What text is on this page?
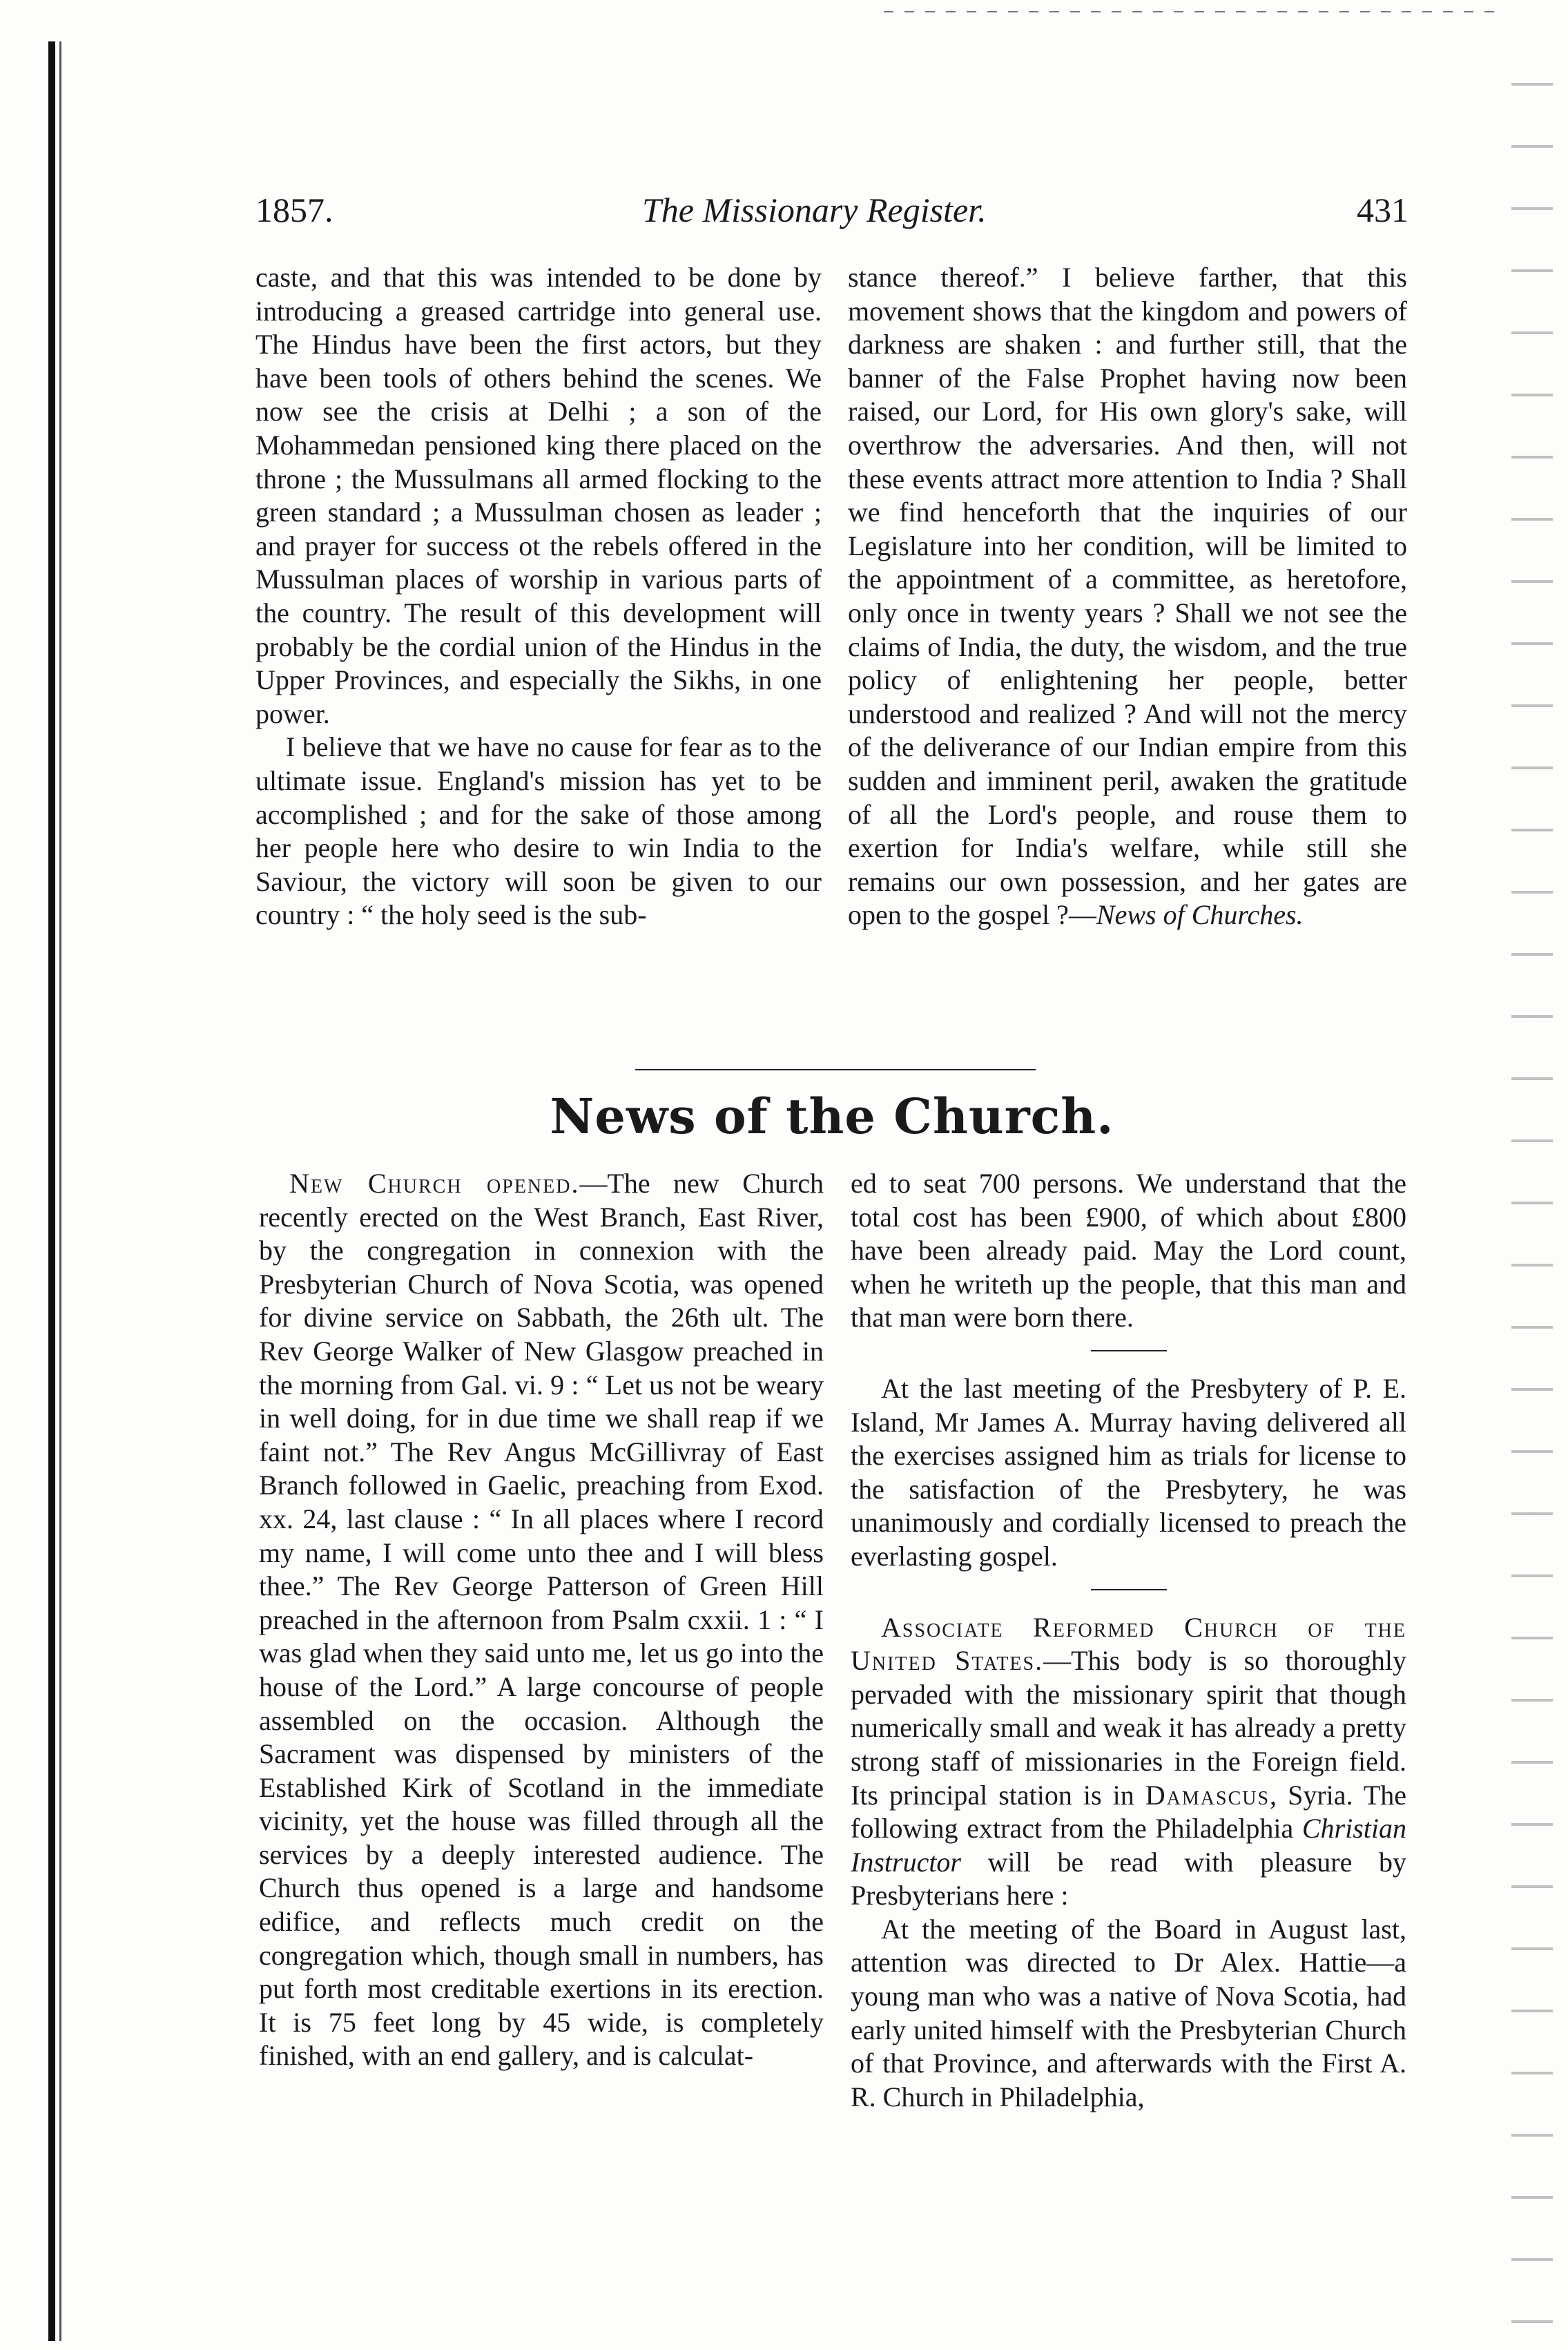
1857.	The Missionary Register.	431

caste, and that this was intended to be done by introducing a greased cartridge into general use. The Hindus have been the first actors, but they have been tools of others behind the scenes. We now see the crisis at Delhi ; a son of the Mohammedan pensioned king there placed on the throne ; the Mussulmans all armed flocking to the green standard ; a Mussulman chosen as leader ; and prayer for success ot the rebels offered in the Mussulman places of worship in various parts of the country. The result of this development will probably be the cordial union of the Hindus in the Upper Provinces, and especially the Sikhs, in one power.

I believe that we have no cause for fear as to the ultimate issue. England's mission has yet to be accomplished ; and for the sake of those among her people here who desire to win India to the Saviour, the victory will soon be given to our country : “ the holy seed is the sub-

stance thereof.” I believe farther, that this movement shows that the kingdom and powers of darkness are shaken : and further still, that the banner of the False Prophet having now been raised, our Lord, for His own glory's sake, will overthrow the adversaries. And then, will not these events attract more attention to India ? Shall we find henceforth that the inquiries of our Legislature into her condition, will be limited to the appointment of a committee, as heretofore, only once in twenty years ? Shall we not see the claims of India, the duty, the wisdom, and the true policy of enlightening her people, better understood and realized ? And will not the mercy of the deliverance of our Indian empire from this sudden and imminent peril, awaken the gratitude of all the Lord's people, and rouse them to exertion for India's welfare, while still she remains our own possession, and her gates are open to the gospel ?—News of Churches.

News of the Church.

New Church opened.—The new Church recently erected on the West Branch, East River, by the congregation in connexion with the Presbyterian Church of Nova Scotia, was opened for divine service on Sabbath, the 26th ult. The Rev George Walker of New Glasgow preached in the morning from Gal. vi. 9 : “ Let us not be weary in well doing, for in due time we shall reap if we faint not.” The Rev Angus McGillivray of East Branch followed in Gaelic, preaching from Exod. xx. 24, last clause : “ In all places where I record my name, I will come unto thee and I will bless thee.” The Rev George Patterson of Green Hill preached in the afternoon from Psalm cxxii. 1 : “ I was glad when they said unto me, let us go into the house of the Lord.” A large concourse of people assembled on the occasion. Although the Sacrament was dispensed by ministers of the Established Kirk of Scotland in the immediate vicinity, yet the house was filled through all the services by a deeply interested audience. The Church thus opened is a large and handsome edifice, and reflects much credit on the congregation which, though small in numbers, has put forth most creditable exertions in its erection. It is 75 feet long by 45 wide, is completely finished, with an end gallery, and is calculat-

ed to seat 700 persons. We understand that the total cost has been £900, of which about £800 have been already paid. May the Lord count, when he writeth up the people, that this man and that man were born there.

At the last meeting of the Presbytery of P. E. Island, Mr James A. Murray having delivered all the exercises assigned him as trials for license to the satisfaction of the Presbytery, he was unanimously and cordially licensed to preach the everlasting gospel.

Associate Reformed Church of the United States.—This body is so thoroughly pervaded with the missionary spirit that though numerically small and weak it has already a pretty strong staff of missionaries in the Foreign field. Its principal station is in Damascus, Syria. The following extract from the Philadelphia Christian Instructor will be read with pleasure by Presbyterians here :

At the meeting of the Board in August last, attention was directed to Dr Alex. Hattie—a young man who was a native of Nova Scotia, had early united himself with the Presbyterian Church of that Province, and afterwards with the First A. R. Church in Philadelphia,
